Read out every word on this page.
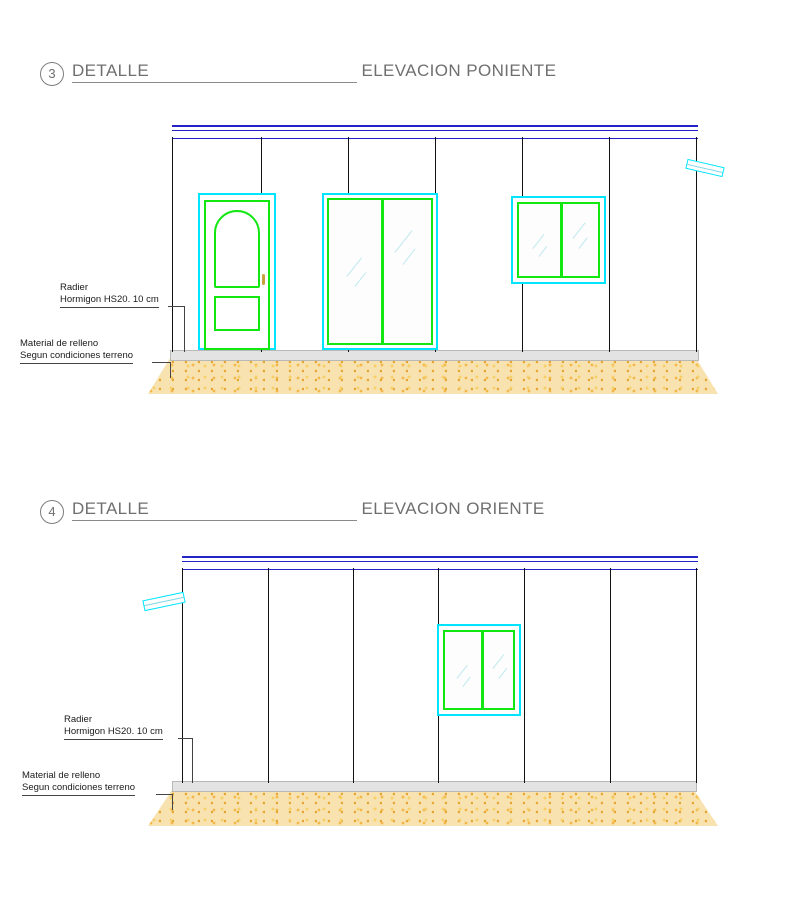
3 DETALLE	ELEVACION PONIENTE
Radier
Hormigon HS20. 10 cm
Material de relleno
Segun condiciones terreno
4 DETALLE	ELEVACION ORIENTE
Radier
Hormigon HS20. 10 cm
Material de relleno
Segun condiciones terreno
